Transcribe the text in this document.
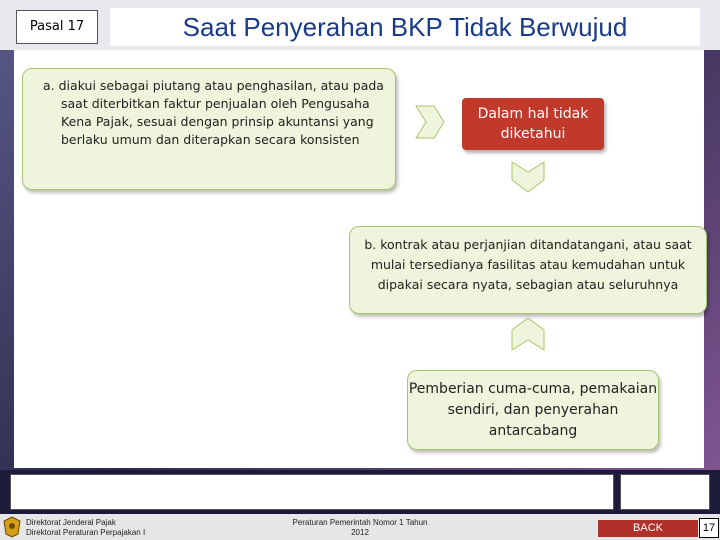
Pasal 17	Saat Penyerahan BKP Tidak Berwujud
a. diakui sebagai piutang atau penghasilan, atau pada saat diterbitkan faktur penjualan oleh Pengusaha Kena Pajak, sesuai dengan prinsip akuntansi yang berlaku umum dan diterapkan secara konsisten
Dalam hal tidak diketahui
b. kontrak atau perjanjian ditandatangani, atau saat
mulai tersedianya fasilitas atau kemudahan untuk dipakai secara nyata, sebagian atau seluruhnya
Pemberian cuma-cuma, pemakaian sendiri, dan penyerahan antarcabang
Direktorat Jenderal Pajak
Direktorat Peraturan Perpajakan I
Peraturan Pemerintah Nomor 1 Tahun
2012	BACK	17
